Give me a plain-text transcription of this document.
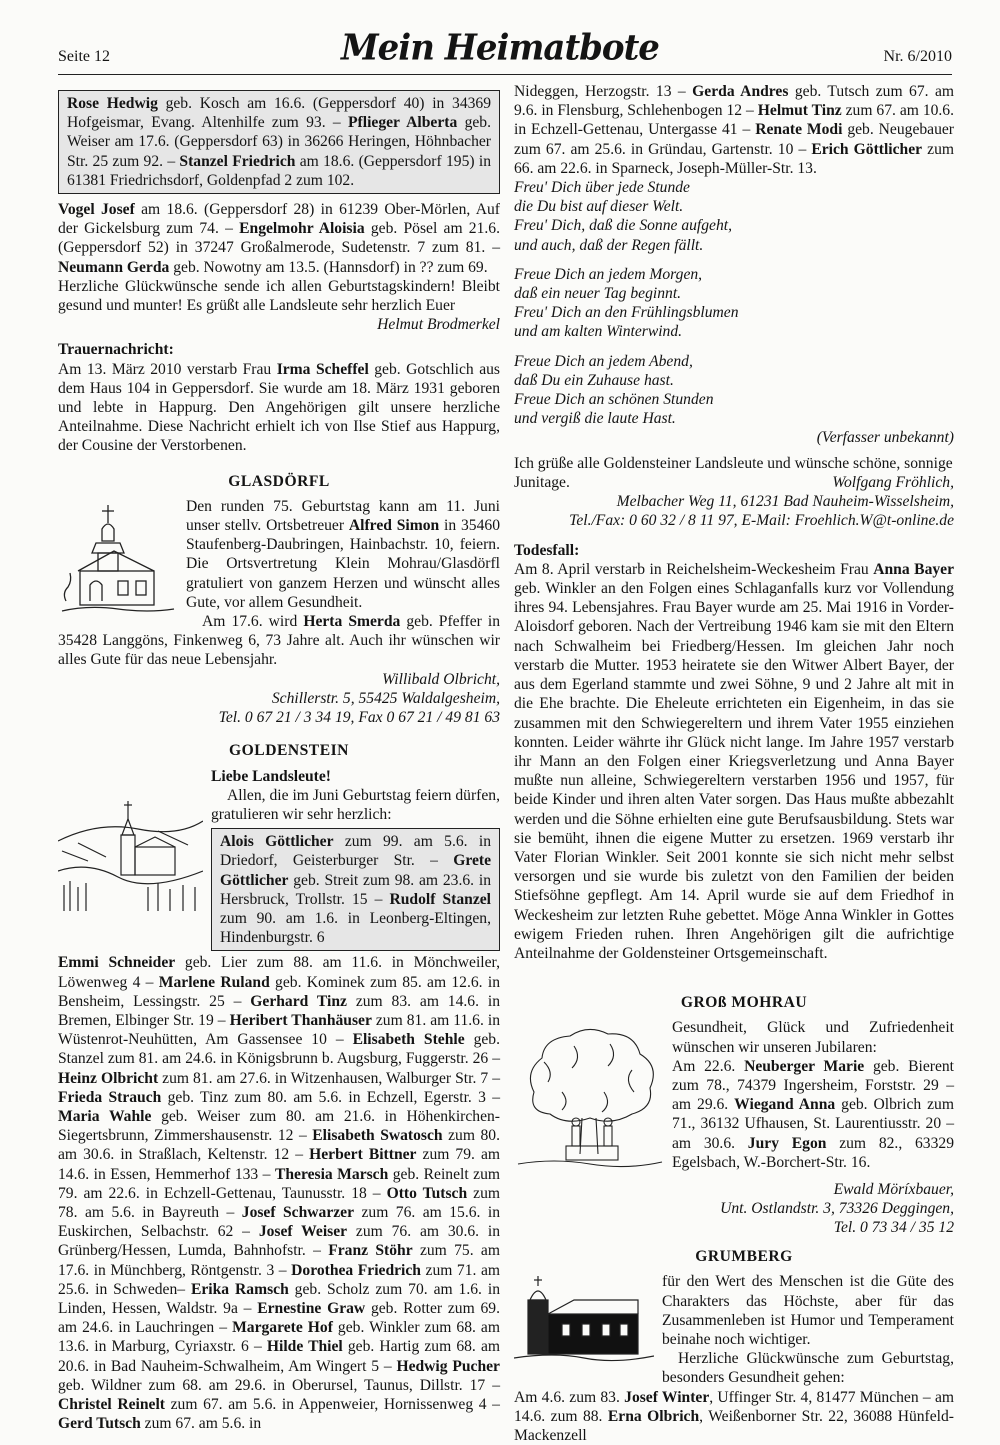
Seite 12	Mein Heimatbote	Nr. 6/2010

Rose Hedwig geb. Kosch am 16.6. (Geppersdorf 40) in 34369 Hofgeismar, Evang. Altenhilfe zum 93. – Pflieger Alberta geb. Weiser am 17.6. (Geppersdorf 63) in 36266 Heringen, Höhnbacher Str. 25 zum 92. – Stanzel Friedrich am 18.6. (Geppersdorf 195) in 61381 Friedrichsdorf, Goldenpfad 2 zum 102.

Vogel Josef am 18.6. (Geppersdorf 28) in 61239 Ober-Mörlen, Auf der Gickelsburg zum 74. – Engelmohr Aloisia geb. Pösel am 21.6. (Geppersdorf 52) in 37247 Großalmerode, Sudetenstr. 7 zum 81. – Neumann Gerda geb. Nowotny am 13.5. (Hannsdorf) in ?? zum 69.

Herzliche Glückwünsche sende ich allen Geburtstagskindern! Bleibt gesund und munter! Es grüßt alle Landsleute sehr herzlich Euer

Helmut Brodmerkel

Trauernachricht:

Am 13. März 2010 verstarb Frau Irma Scheffel geb. Gotschlich aus dem Haus 104 in Geppersdorf. Sie wurde am 18. März 1931 geboren und lebte in Happurg. Den Angehörigen gilt unsere herzliche Anteilnahme. Diese Nachricht erhielt ich von Ilse Stief aus Happurg, der Cousine der Verstorbenen.

GLASDÖRFL

Den runden 75. Geburtstag kann am 11. Juni unser stellv. Ortsbetreuer Alfred Simon in 35460 Staufenberg-Daubringen, Hainbachstr. 10, feiern. Die Ortsvertretung Klein Mohrau/Glasdörfl gratuliert von ganzem Herzen und wünscht alles Gute, vor allem Gesundheit.

Am 17.6. wird Herta Smerda geb. Pfeffer in 35428 Langgöns, Finkenweg 6, 73 Jahre alt. Auch ihr wünschen wir alles Gute für das neue Lebensjahr.

Willibald Olbricht,

Schillerstr. 5, 55425 Waldalgesheim,

Tel. 0 67 21 / 3 34 19, Fax 0 67 21 / 49 81 63

GOLDENSTEIN

Liebe Landsleute!

Allen, die im Juni Geburtstag feiern dürfen, gratulieren wir sehr herzlich:

Alois Göttlicher zum 99. am 5.6. in Driedorf, Geisterburger Str. – Grete Göttlicher geb. Streit zum 98. am 23.6. in Hersbruck, Trollstr. 15 – Rudolf Stanzel zum 90. am 1.6. in Leonberg-Eltingen, Hindenburgstr. 6

Emmi Schneider geb. Lier zum 88. am 11.6. in Mönchweiler, Löwenweg 4 – Marlene Ruland geb. Kominek zum 85. am 12.6. in Bensheim, Lessingstr. 25 – Gerhard Tinz zum 83. am 14.6. in Bremen, Elbinger Str. 19 – Heribert Thanhäuser zum 81. am 11.6. in Wüstenrot-Neuhütten, Am Gassensee 10 – Elisabeth Stehle geb. Stanzel zum 81. am 24.6. in Königsbrunn b. Augsburg, Fuggerstr. 26 – Heinz Olbricht zum 81. am 27.6. in Witzenhausen, Walburger Str. 7 – Frieda Strauch geb. Tinz zum 80. am 5.6. in Echzell, Egerstr. 3 – Maria Wahle geb. Weiser zum 80. am 21.6. in Höhenkirchen-Siegertsbrunn, Zimmershausenstr. 12 – Elisabeth Swatosch zum 80. am 30.6. in Straßlach, Keltenstr. 12 – Herbert Bittner zum 79. am 14.6. in Essen, Hemmerhof 133 – Theresia Marsch geb. Reinelt zum 79. am 22.6. in Echzell-Gettenau, Taunusstr. 18 – Otto Tutsch zum 78. am 5.6. in Bayreuth – Josef Schwarzer zum 76. am 15.6. in Euskirchen, Selbachstr. 62 – Josef Weiser zum 76. am 30.6. in Grünberg/Hessen, Lumda, Bahnhofstr. – Franz Stöhr zum 75. am 17.6. in Münchberg, Röntgenstr. 3 – Dorothea Friedrich zum 71. am 25.6. in Schweden– Erika Ramsch geb. Scholz zum 70. am 1.6. in Linden, Hessen, Waldstr. 9a – Ernestine Graw geb. Rotter zum 69. am 24.6. in Lauchringen – Margarete Hof geb. Winkler zum 68. am 13.6. in Marburg, Cyriaxstr. 6 – Hilde Thiel geb. Hartig zum 68. am 20.6. in Bad Nauheim-Schwalheim, Am Wingert 5 – Hedwig Pucher geb. Wildner zum 68. am 29.6. in Oberursel, Taunus, Dillstr. 17 – Christel Reinelt zum 67. am 5.6. in Appenweier, Hornissenweg 4 – Gerd Tutsch zum 67. am 5.6. in

Nideggen, Herzogstr. 13 – Gerda Andres geb. Tutsch zum 67. am 9.6. in Flensburg, Schlehenbogen 12 – Helmut Tinz zum 67. am 10.6. in Echzell-Gettenau, Untergasse 41 – Renate Modi geb. Neugebauer zum 67. am 25.6. in Gründau, Gartenstr. 10 – Erich Göttlicher zum 66. am 22.6. in Sparneck, Joseph-Müller-Str. 13.

Freu' Dich über jede Stunde
die Du bist auf dieser Welt.
Freu' Dich, daß die Sonne aufgeht,
und auch, daß der Regen fällt.
Freue Dich an jedem Morgen,
daß ein neuer Tag beginnt.
Freu' Dich an den Frühlingsblumen
und am kalten Winterwind.
Freue Dich an jedem Abend,
daß Du ein Zuhause hast.
Freue Dich an schönen Stunden
und vergiß die laute Hast.

(Verfasser unbekannt)

Ich grüße alle Goldensteiner Landsleute und wünsche schöne, sonnige Junitage.	Wolfgang Fröhlich,

Melbacher Weg 11, 61231 Bad Nauheim-Wisselsheim,

Tel./Fax: 0 60 32 / 8 11 97, E-Mail: Froehlich.W@t-online.de

Todesfall:

Am 8. April verstarb in Reichelsheim-Weckesheim Frau Anna Bayer geb. Winkler an den Folgen eines Schlaganfalls kurz vor Vollendung ihres 94. Lebensjahres. Frau Bayer wurde am 25. Mai 1916 in Vorder-Aloisdorf geboren. Nach der Vertreibung 1946 kam sie mit den Eltern nach Schwalheim bei Friedberg/Hessen. Im gleichen Jahr noch verstarb die Mutter. 1953 heiratete sie den Witwer Albert Bayer, der aus dem Egerland stammte und zwei Söhne, 9 und 2 Jahre alt mit in die Ehe brachte. Die Eheleute errichteten ein Eigenheim, in das sie zusammen mit den Schwiegereltern und ihrem Vater 1955 einziehen konnten. Leider währte ihr Glück nicht lange. Im Jahre 1957 verstarb ihr Mann an den Folgen einer Kriegsverletzung und Anna Bayer mußte nun alleine, Schwiegereltern verstarben 1956 und 1957, für beide Kinder und ihren alten Vater sorgen. Das Haus mußte abbezahlt werden und die Söhne erhielten eine gute Berufsausbildung. Stets war sie bemüht, ihnen die eigene Mutter zu ersetzen. 1969 verstarb ihr Vater Florian Winkler. Seit 2001 konnte sie sich nicht mehr selbst versorgen und sie wurde bis zuletzt von den Familien der beiden Stiefsöhne gepflegt. Am 14. April wurde sie auf dem Friedhof in Weckesheim zur letzten Ruhe gebettet. Möge Anna Winkler in Gottes ewigem Frieden ruhen. Ihren Angehörigen gilt die aufrichtige Anteilnahme der Goldensteiner Ortsgemeinschaft.

GROß MOHRAU

Gesundheit, Glück und Zufriedenheit wünschen wir unseren Jubilaren:

Am 22.6. Neuberger Marie geb. Bierent zum 78., 74379 Ingersheim, Forststr. 29 – am 29.6. Wiegand Anna geb. Olbrich zum 71., 36132 Ufhausen, St. Laurentiusstr. 20 – am 30.6. Jury Egon zum 82., 63329 Egelsbach, W.-Borchert-Str. 16.

Ewald Möríxbauer,

Unt. Ostlandstr. 3, 73326 Deggingen,

Tel. 0 73 34 / 35 12

GRUMBERG

für den Wert des Menschen ist die Güte des Charakters das Höchste, aber für das Zusammenleben ist Humor und Temperament beinahe noch wichtiger.

Herzliche Glückwünsche zum Geburtstag, besonders Gesundheit gehen:

Am 4.6. zum 83. Josef Winter, Uffinger Str. 4, 81477 München – am 14.6. zum 88. Erna Olbrich, Weißenborner Str. 22, 36088 Hünfeld-Mackenzell
